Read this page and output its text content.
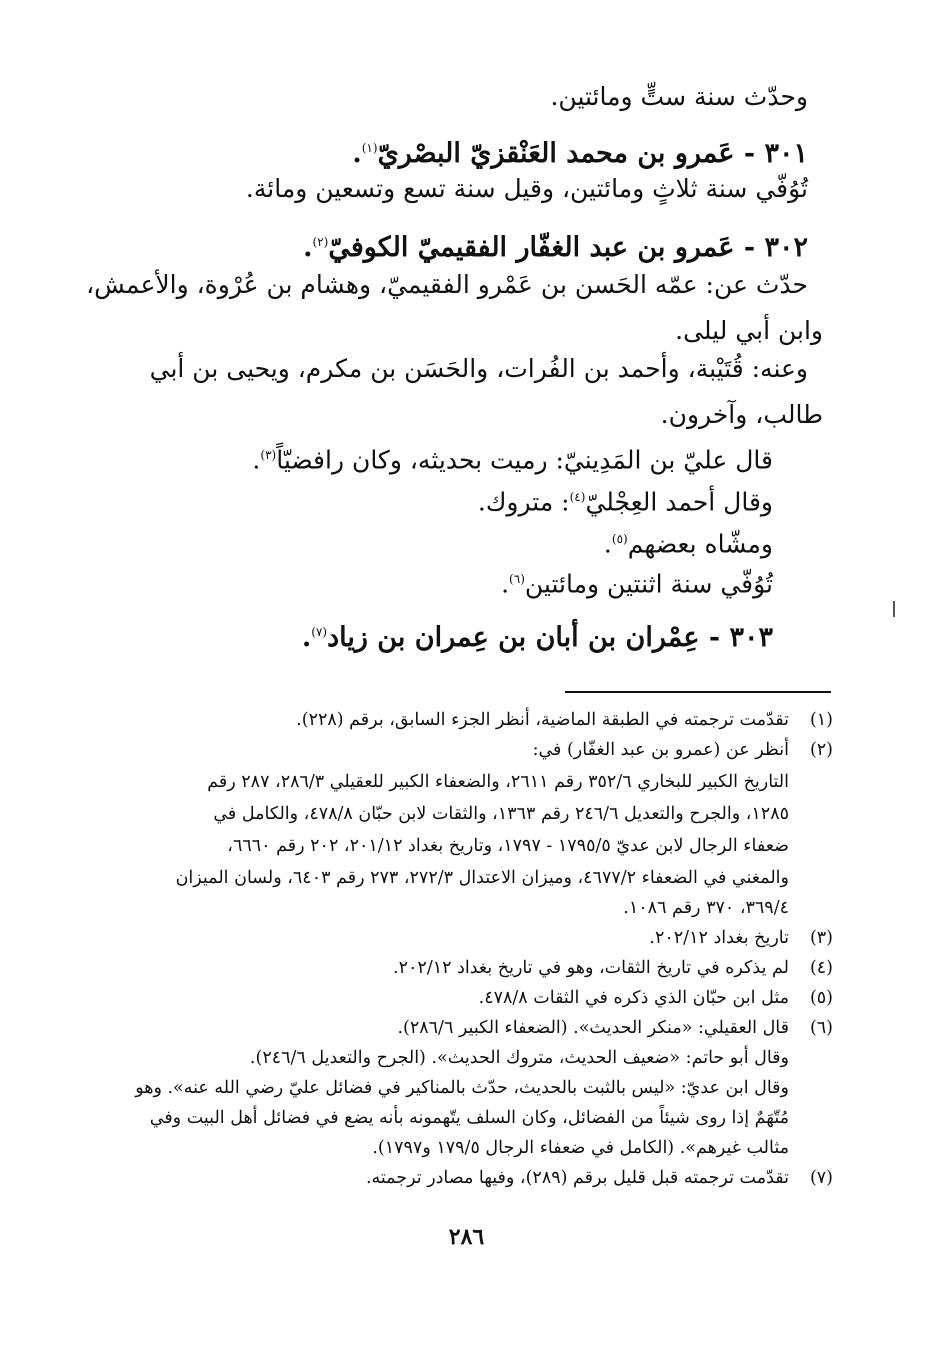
وحدّث سنة ستٍّ ومائتين.
٣٠١ - عَمرو بن محمد العَنْقزيّ البصْريّ$^{(١)}$.
تُوُفّي سنة ثلاثٍ ومائتين، وقيل سنة تسع وتسعين ومائة.
٣٠٢ - عَمرو بن عبد الغفّار الفقيميّ الكوفيّ$^{(٢)}$.
حدّث عن: عمّه الحَسن بن عَمْرو الفقيميّ، وهشام بن عُرْوة، والأعمش،
وابن أبي ليلى.
وعنه: قُتَيْبة، وأحمد بن الفُرات، والحَسَن بن مكرم، ويحيى بن أبي
طالب، وآخرون.
قال عليّ بن المَدِينيّ: رميت بحديثه، وكان رافضيّاً$^{(٣)}$.
وقال أحمد العِجْليّ$^{(٤)}$: متروك.
ومشّاه بعضهم$^{(٥)}$.
تُوُفّي سنة اثنتين ومائتين$^{(٦)}$.
٣٠٣ - عِمْران بن أبان بن عِمران بن زياد$^{(٧)}$.
(١)
تقدّمت ترجمته في الطبقة الماضية، أنظر الجزء السابق، برقم (٢٢٨).
(٢)
أنظر عن (عمرو بن عبد الغفّار) في:
التاريخ الكبير للبخاري ٣٥٢/٦ رقم ٢٦١١، والضعفاء الكبير للعقيلي ٢٨٦/٣، ٢٨٧ رقم
١٢٨٥، والجرح والتعديل ٢٤٦/٦ رقم ١٣٦٣، والثقات لابن حبّان ٤٧٨/٨، والكامل في
ضعفاء الرجال لابن عديّ ١٧٩٥/٥ - ١٧٩٧، وتاريخ بغداد ٢٠١/١٢، ٢٠٢ رقم ٦٦٦٠،
والمغني في الضعفاء ٤٦٧٧/٢، وميزان الاعتدال ٢٧٢/٣، ٢٧٣ رقم ٦٤٠٣، ولسان الميزان
٣٦٩/٤، ٣٧٠ رقم ١٠٨٦.
(٣)
تاريخ بغداد ٢٠٢/١٢.
(٤)
لم يذكره في تاريخ الثقات، وهو في تاريخ بغداد ٢٠٢/١٢.
(٥)
مثل ابن حبّان الذي ذكره في الثقات ٤٧٨/٨.
(٦)
قال العقيلي: «منكر الحديث». (الضعفاء الكبير ٢٨٦/٦).
وقال أبو حاتم: «ضعيف الحديث، متروك الحديث». (الجرح والتعديل ٢٤٦/٦).
وقال ابن عديّ: «ليس بالثبت بالحديث، حدّث بالمناكير في فضائل عليّ رضي الله عنه». وهو
مُتّهَمٌ إذا روى شيئاً من الفضائل، وكان السلف يتّهمونه بأنه يضع في فضائل أهل البيت وفي
مثالب غيرهم». (الكامل في ضعفاء الرجال ١٧٩/٥ و١٧٩٧).
(٧)
تقدّمت ترجمته قبل قليل برقم (٢٨٩)، وفيها مصادر ترجمته.
٢٨٦
